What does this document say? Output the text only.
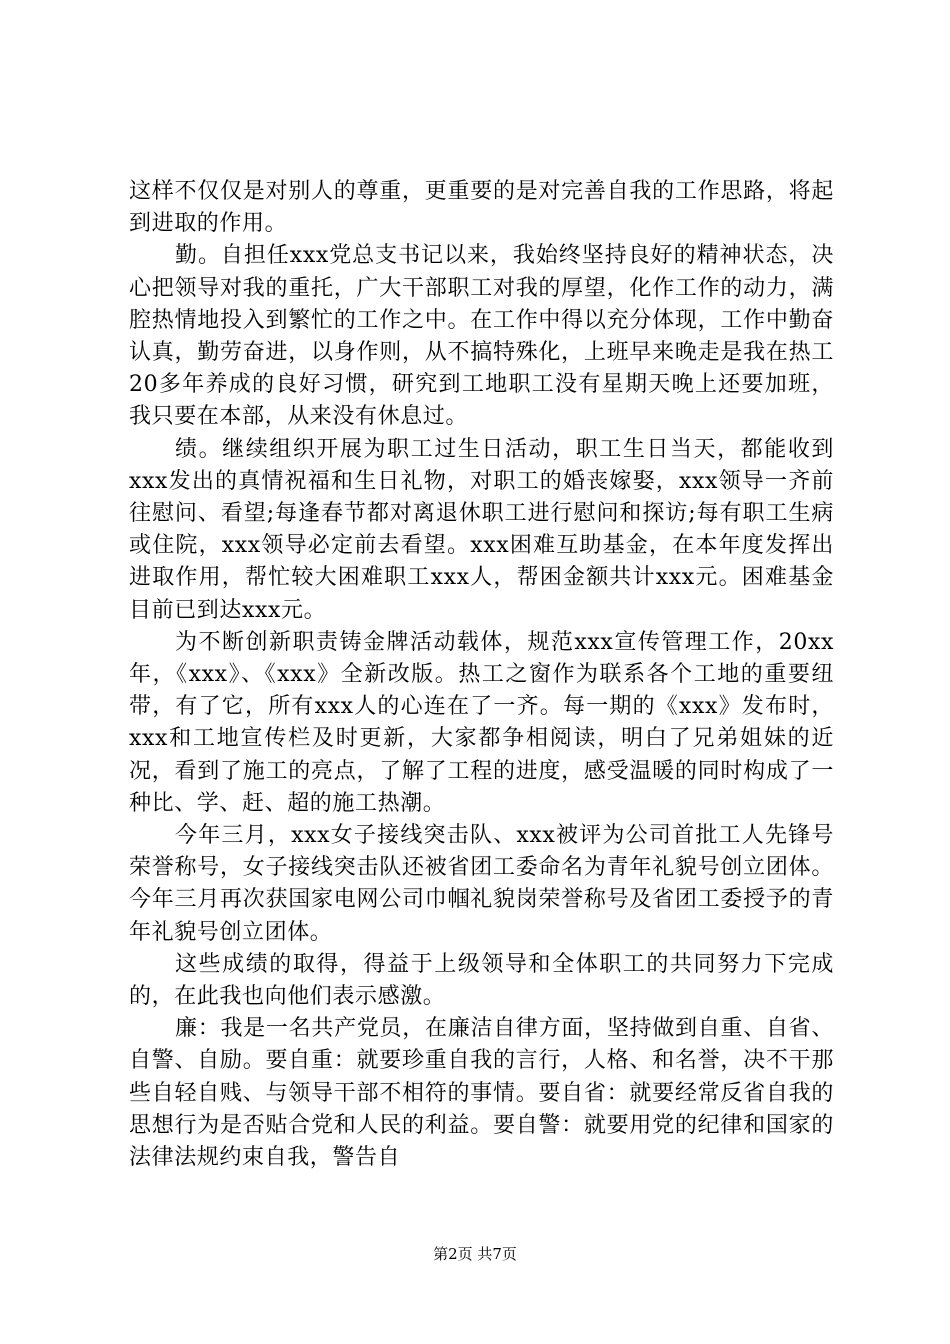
这样不仅仅是对别人的尊重，更重要的是对完善自我的工作思路，将起到进取的作用。

勤。自担任xxx党总支书记以来，我始终坚持良好的精神状态，决心把领导对我的重托，广大干部职工对我的厚望，化作工作的动力，满腔热情地投入到繁忙的工作之中。在工作中得以充分体现，工作中勤奋认真，勤劳奋进，以身作则，从不搞特殊化，上班早来晚走是我在热工20多年养成的良好习惯，研究到工地职工没有星期天晚上还要加班，我只要在本部，从来没有休息过。

绩。继续组织开展为职工过生日活动，职工生日当天，都能收到xxx发出的真情祝福和生日礼物，对职工的婚丧嫁娶，xxx领导一齐前往慰问、看望;每逢春节都对离退休职工进行慰问和探访;每有职工生病或住院，xxx领导必定前去看望。xxx困难互助基金，在本年度发挥出进取作用，帮忙较大困难职工xxx人，帮困金额共计xxx元。困难基金目前已到达xxx元。

为不断创新职责铸金牌活动载体，规范xxx宣传管理工作，20xx年，《xxx》、《xxx》全新改版。热工之窗作为联系各个工地的重要纽带，有了它，所有xxx人的心连在了一齐。每一期的《xxx》发布时，xxx和工地宣传栏及时更新，大家都争相阅读，明白了兄弟姐妹的近况，看到了施工的亮点，了解了工程的进度，感受温暖的同时构成了一种比、学、赶、超的施工热潮。

今年三月，xxx女子接线突击队、xxx被评为公司首批工人先锋号荣誉称号，女子接线突击队还被省团工委命名为青年礼貌号创立团体。今年三月再次获国家电网公司巾帼礼貌岗荣誉称号及省团工委授予的青年礼貌号创立团体。

这些成绩的取得，得益于上级领导和全体职工的共同努力下完成的，在此我也向他们表示感激。

廉：我是一名共产党员，在廉洁自律方面，坚持做到自重、自省、自警、自励。要自重：就要珍重自我的言行，人格、和名誉，决不干那些自轻自贱、与领导干部不相符的事情。要自省：就要经常反省自我的思想行为是否贴合党和人民的利益。要自警：就要用党的纪律和国家的法律法规约束自我，警告自

第2页 共7页
